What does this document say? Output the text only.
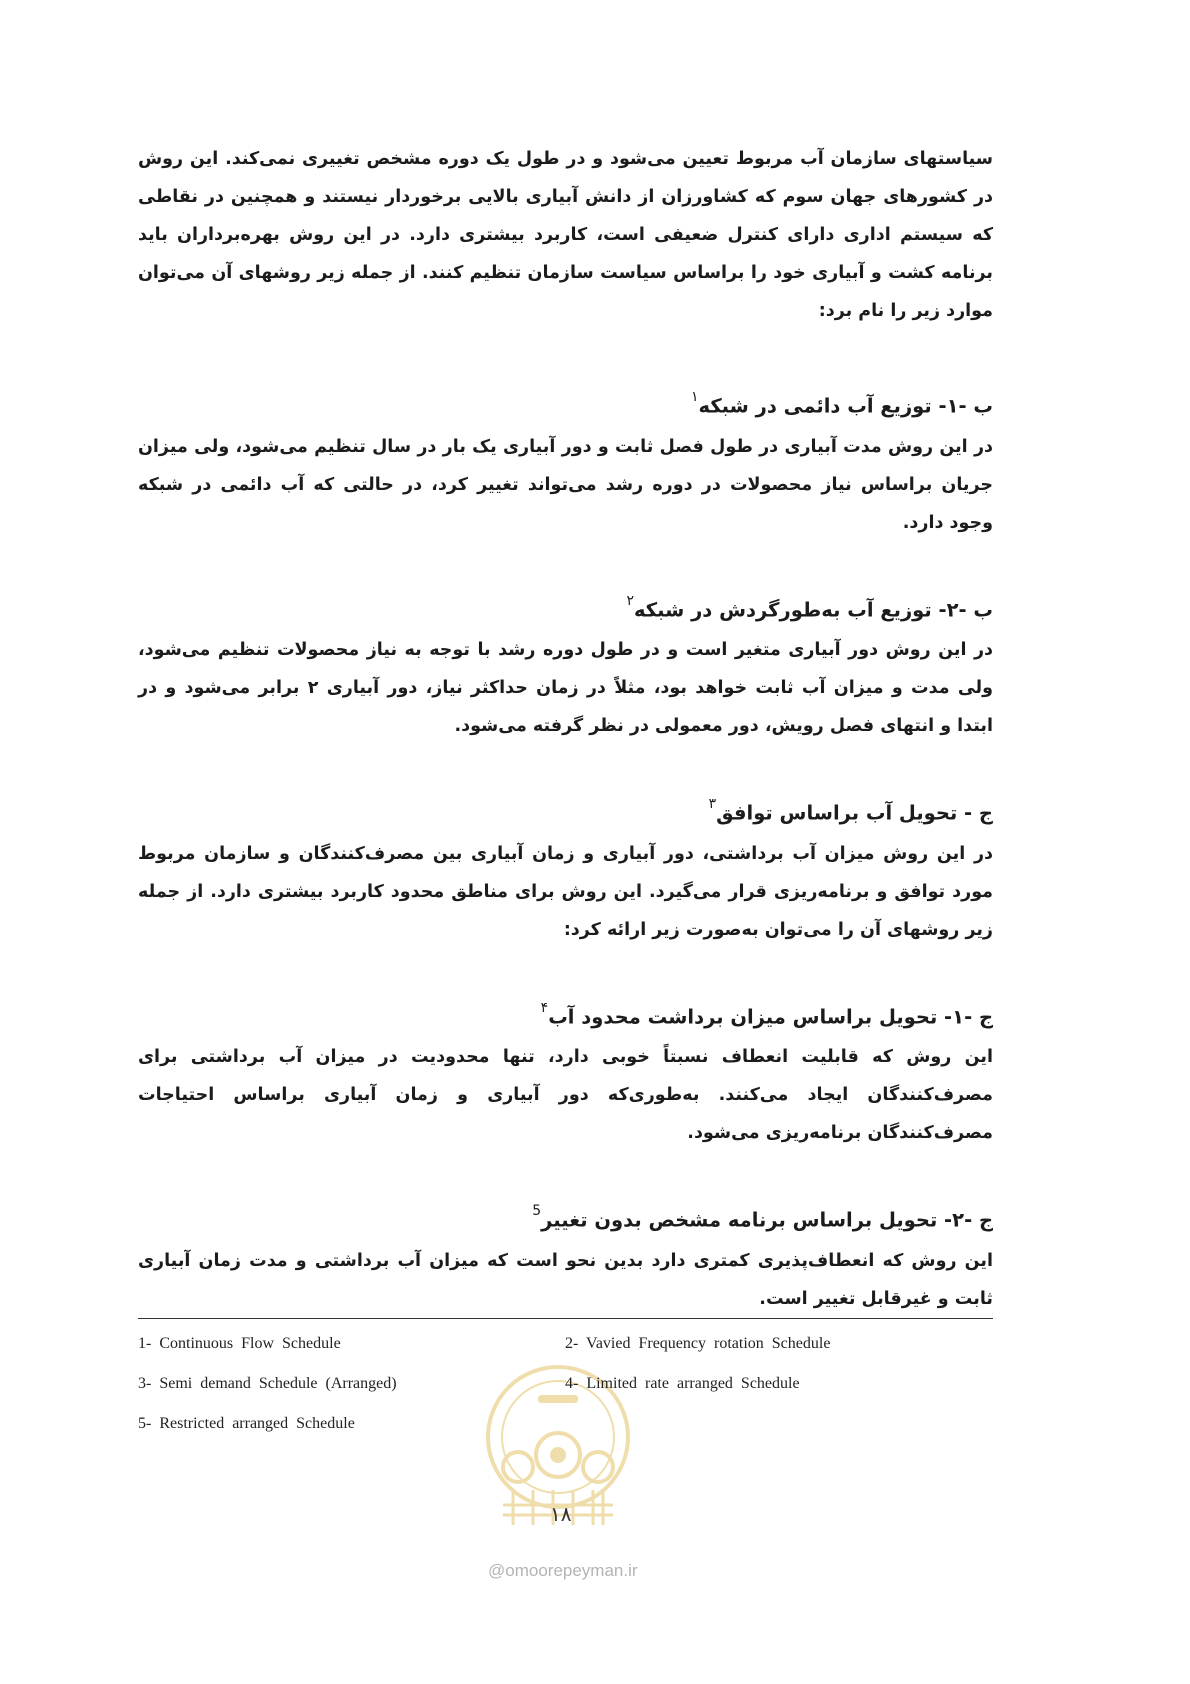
سیاستهای سازمان آب مربوط تعیین می‌شود و در طول یک دوره مشخص تغییری نمی‌کند. این روش در کشورهای جهان سوم که کشاورزان از دانش آبیاری بالایی برخوردار نیستند و همچنین در نقاطی که سیستم اداری دارای کنترل ضعیفی است، کاربرد بیشتری دارد. در این روش بهره‌برداران باید برنامه کشت و آبیاری خود را براساس سیاست سازمان تنظیم کنند. از جمله زیر روشهای آن می‌توان موارد زیر را نام برد:

ب -۱- توزیع آب دائمی در شبکه$^۱$

در این روش مدت آبیاری در طول فصل ثابت و دور آبیاری یک بار در سال تنظیم می‌شود، ولی میزان جریان براساس نیاز محصولات در دوره رشد می‌تواند تغییر کرد، در حالتی که آب دائمی در شبکه وجود دارد.

ب -۲- توزیع آب به‌طورگردش در شبکه$^۲$

در این روش دور آبیاری متغیر است و در طول دوره رشد با توجه به نیاز محصولات تنظیم می‌شود، ولی مدت و میزان آب ثابت خواهد بود، مثلاً در زمان حداکثر نیاز، دور آبیاری ۲ برابر می‌شود و در ابتدا و انتهای فصل رویش، دور معمولی در نظر گرفته می‌شود.

ج - تحویل آب براساس توافق$^۳$

در این روش میزان آب برداشتی، دور آبیاری و زمان آبیاری بین مصرف‌کنندگان و سازمان مربوط مورد توافق و برنامه‌ریزی قرار می‌گیرد. این روش برای مناطق محدود کاربرد بیشتری دارد. از جمله زیر روشهای آن را می‌توان به‌صورت زیر ارائه کرد:

ج -۱- تحویل براساس میزان برداشت محدود آب$^۴$

این روش که قابلیت انعطاف نسبتاً خوبی دارد، تنها محدودیت در میزان آب برداشتی برای مصرف‌کنندگان ایجاد می‌کنند. به‌طوری‌که دور آبیاری و زمان آبیاری براساس احتیاجات مصرف‌کنندگان برنامه‌ریزی می‌شود.

ج -۲- تحویل براساس برنامه مشخص بدون تغییر$^5$

این روش که انعطاف‌پذیری کمتری دارد بدین نحو است که میزان آب برداشتی و مدت زمان آبیاری ثابت و غیرقابل تغییر است.

1- Continuous Flow Schedule	2- Vavied Frequency rotation Schedule
3- Semi demand Schedule (Arranged)	4- Limited rate arranged Schedule
5- Restricted arranged Schedule
۱۸
@omoorepeyman.ir
